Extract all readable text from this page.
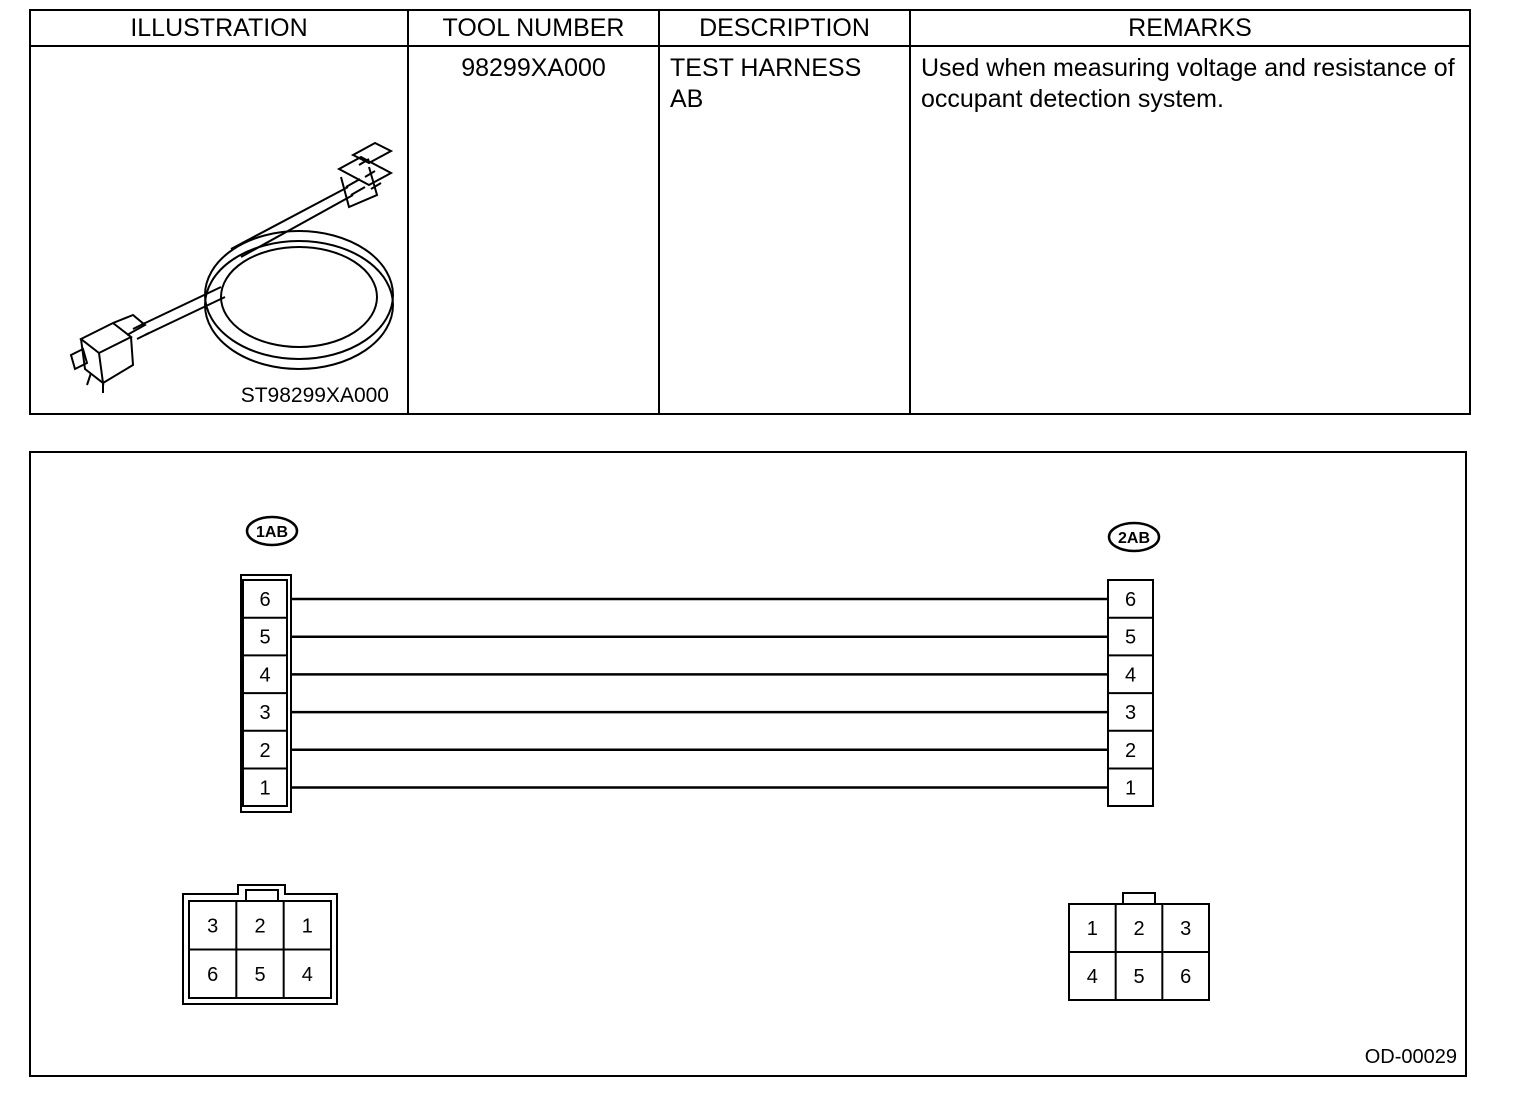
ILLUSTRATION	TOOL NUMBER	DESCRIPTION	REMARKS

ST98299XA000	98299XA000	TEST HARNESS
AB	Used when measuring voltage and resistance of occupant detection system.
1AB	2AB
6
5
4
3
2
1
6
5
4
3
2
1
3 2 1
6 5 4
1 2 3
4 5 6
OD-00029
